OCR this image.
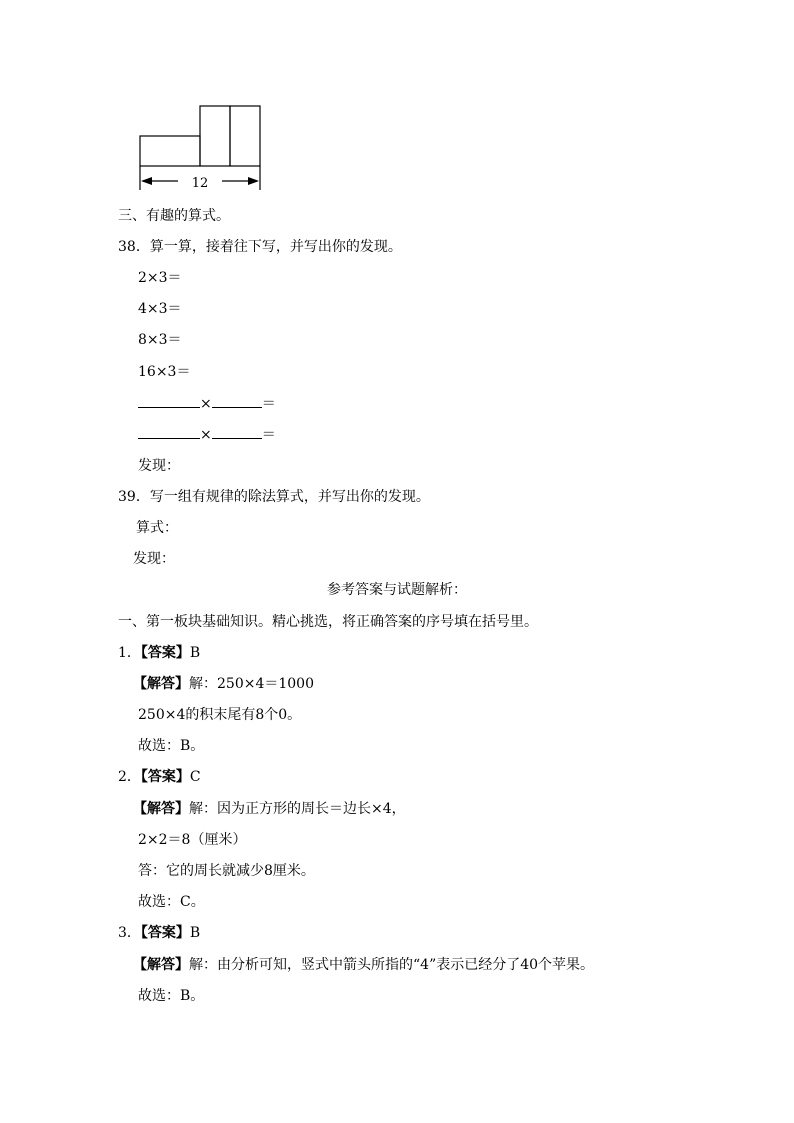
12
三、有趣的算式。
38．算一算，接着往下写，并写出你的发现。
2×3＝
4×3＝
8×3＝
16×3＝
×	＝
×	＝
发现：
39．写一组有规律的除法算式，并写出你的发现。
算式：
发现：
参考答案与试题解析：
一、第一板块基础知识。精心挑选，将正确答案的序号填在括号里。
1．【答案】B
【解答】解：250×4＝1000
250×4的积末尾有8个0。
故选：B。
2．【答案】C
【解答】解：因为正方形的周长＝边长×4，
2×2＝8（厘米）
答：它的周长就减少8厘米。
故选：C。
3．【答案】B
【解答】解：由分析可知，竖式中箭头所指的“4”表示已经分了40个苹果。
故选：B。
